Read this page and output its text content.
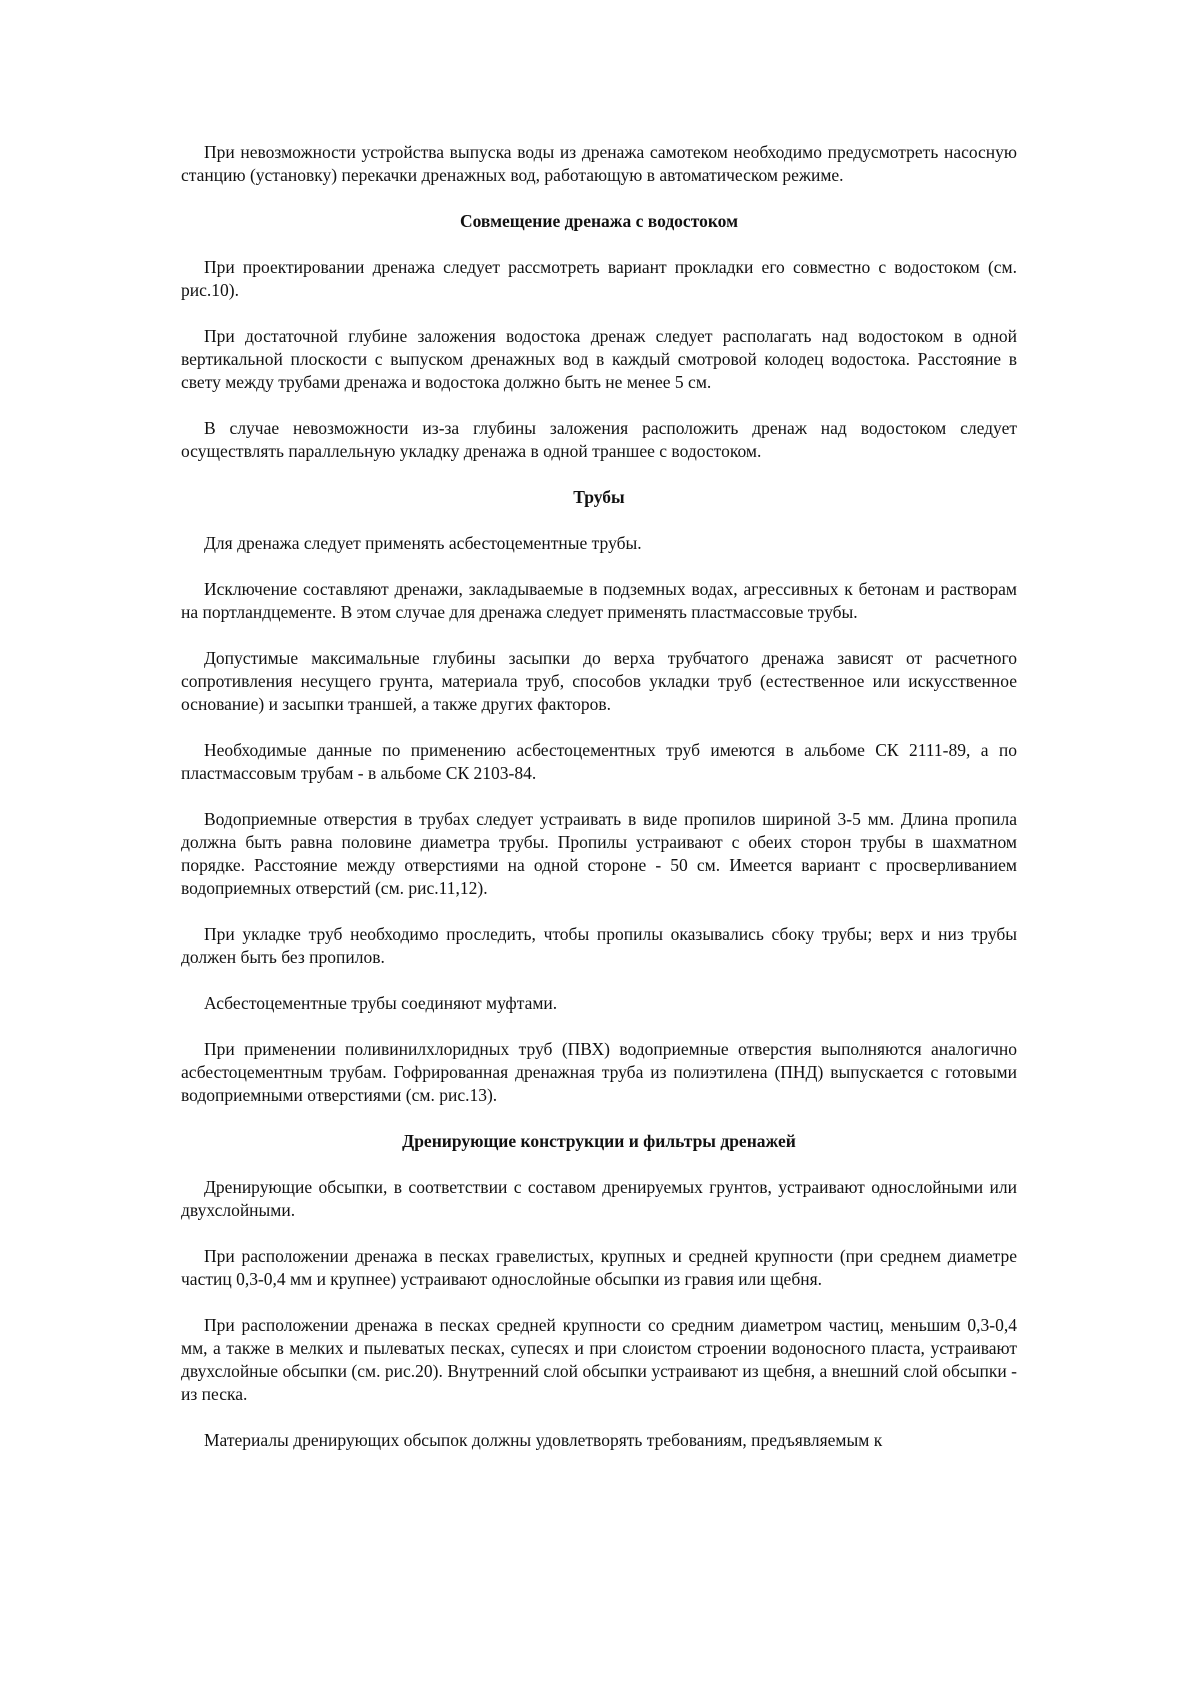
При невозможности устройства выпуска воды из дренажа самотеком необходимо предусмотреть насосную станцию (установку) перекачки дренажных вод, работающую в автоматическом режиме.

Совмещение дренажа с водостоком

При проектировании дренажа следует рассмотреть вариант прокладки его совместно с водостоком (см. рис.10).

При достаточной глубине заложения водостока дренаж следует располагать над водостоком в одной вертикальной плоскости с выпуском дренажных вод в каждый смотровой колодец водостока. Расстояние в свету между трубами дренажа и водостока должно быть не менее 5 см.

В случае невозможности из-за глубины заложения расположить дренаж над водостоком следует осуществлять параллельную укладку дренажа в одной траншее с водостоком.

Трубы

Для дренажа следует применять асбестоцементные трубы.

Исключение составляют дренажи, закладываемые в подземных водах, агрессивных к бетонам и растворам на портландцементе. В этом случае для дренажа следует применять пластмассовые трубы.

Допустимые максимальные глубины засыпки до верха трубчатого дренажа зависят от расчетного сопротивления несущего грунта, материала труб, способов укладки труб (естественное или искусственное основание) и засыпки траншей, а также других факторов.

Необходимые данные по применению асбестоцементных труб имеются в альбоме СК 2111-89, а по пластмассовым трубам - в альбоме СК 2103-84.

Водоприемные отверстия в трубах следует устраивать в виде пропилов шириной 3-5 мм. Длина пропила должна быть равна половине диаметра трубы. Пропилы устраивают с обеих сторон трубы в шахматном порядке. Расстояние между отверстиями на одной стороне - 50 см. Имеется вариант с просверливанием водоприемных отверстий (см. рис.11,12).

При укладке труб необходимо проследить, чтобы пропилы оказывались сбоку трубы; верх и низ трубы должен быть без пропилов.

Асбестоцементные трубы соединяют муфтами.

При применении поливинилхлоридных труб (ПВХ) водоприемные отверстия выполняются аналогично асбестоцементным трубам. Гофрированная дренажная труба из полиэтилена (ПНД) выпускается с готовыми водоприемными отверстиями (см. рис.13).

Дренирующие конструкции и фильтры дренажей

Дренирующие обсыпки, в соответствии с составом дренируемых грунтов, устраивают однослойными или двухслойными.

При расположении дренажа в песках гравелистых, крупных и средней крупности (при среднем диаметре частиц 0,3-0,4 мм и крупнее) устраивают однослойные обсыпки из гравия или щебня.

При расположении дренажа в песках средней крупности со средним диаметром частиц, меньшим 0,3-0,4 мм, а также в мелких и пылеватых песках, супесях и при слоистом строении водоносного пласта, устраивают двухслойные обсыпки (см. рис.20). Внутренний слой обсыпки устраивают из щебня, а внешний слой обсыпки - из песка.

Материалы дренирующих обсыпок должны удовлетворять требованиям, предъявляемым к
